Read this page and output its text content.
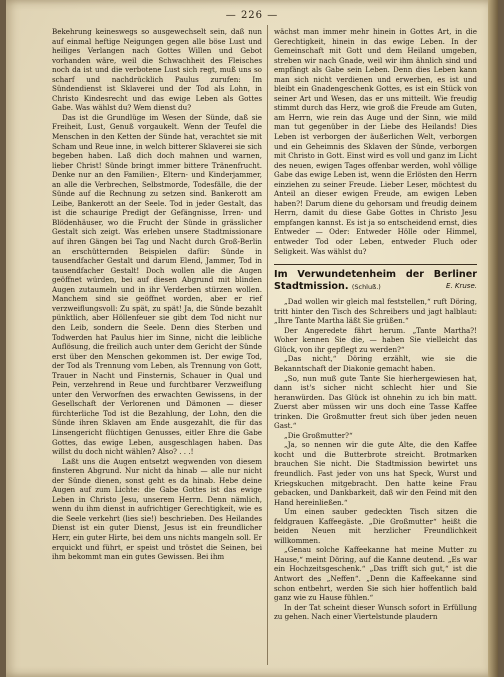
— 226 —

Bekehrung keineswegs so ausgewechselt sein, daß nun auf einmal heftige Neigungen gegen alle böse Lust und heiliges Verlangen nach Gottes Willen und Gebot vorhanden wäre, weil die Schwachheit des Fleisches noch da ist und die verbotene Lust sich regt, muß uns so scharf und nachdrücklich Paulus zurufen: Im Sündendienst ist Sklaverei und der Tod als Lohn, in Christo Kindesrecht und das ewige Leben als Gottes Gabe. Was wählst du? Wem dienst du?

Das ist die Grundlüge im Wesen der Sünde, daß sie Freiheit, Lust, Genuß vorgaukelt. Wenn der Teufel die Menschen in den Ketten der Sünde hat, verachtet sie mit Scham und Reue inne, in welch bitterer Sklaverei sie sich begeben haben. Laß dich doch mahnen und warnen, lieber Christ! Sünde bringt immer bittere Tränenfrucht. Denke nur an den Familien-, Eltern- und Kinderjammer, an alle die Verbrechen, Selbstmorde, Todesfälle, die der Sünde auf die Rechnung zu setzen sind. Bankerott am Leibe, Bankerott an der Seele. Tod in jeder Gestalt, das ist die schaurige Predigt der Gefängnisse, Irren- und Blödenhäuser, wo die Frucht der Sünde in grässlicher Gestalt sich zeigt. Was erleben unsere Stadtmissionare auf ihren Gängen bei Tag und Nacht durch Groß-Berlin an erschütternden Beispielen dafür: Sünde in tausendfacher Gestalt und darum Elend, Jammer, Tod in tausendfacher Gestalt! Doch wollen alle die Augen geöffnet würden, bei auf diesen Abgrund mit blinden Augen zutaumeln und in ihr Verderben stürzen wollen. Manchem sind sie geöffnet worden, aber er rief verzweiflungsvoll: Zu spät, zu spät! Ja, die Sünde bezahlt pünktlich, aber Höllenfeuer sie gibt dem Tod nicht nur den Leib, sondern die Seele. Denn dies Sterben und Todwerden hat Paulus hier im Sinne, nicht die leibliche Auflösung, die freilich auch unter dem Gericht der Sünde erst über den Menschen gekommen ist. Der ewige Tod, der Tod als Trennung vom Leben, als Trennung von Gott, Trauer in Nacht und Finsternis, Schauer in Qual und Pein, verzehrend in Reue und furchtbarer Verzweiflung unter den Verworfnen des erwachten Gewissens, in der Gesellschaft der Verlorenen und Dämonen — dieser fürchterliche Tod ist die Bezahlung, der Lohn, den die Sünde ihren Sklaven am Ende ausgezahlt, die für das Linsengericht flüchtigen Genusses, eitler Ehre die Gabe Gottes, das ewige Leben, ausgeschlagen haben. Das willst du doch nicht wählen? Also? . . .!

Laßt uns die Augen entsetzt wegwenden von diesem finsteren Abgrund. Nur nicht da hinab — alle nur nicht der Sünde dienen, sonst geht es da hinab. Hebe deine Augen auf zum Lichte: die Gabe Gottes ist das ewige Leben in Christo Jesu, unserem Herrn. Denn nämlich, wenn du ihm dienst in aufrichtiger Gerechtigkeit, wie es die Seele verkehrt (lies sie!) beschrieben. Des Heilandes Dienst ist ein guter Dienst, Jesus ist ein freundlicher Herr, ein guter Hirte, bei dem uns nichts mangeln soll. Er erquickt und führt, er speist und tröstet die Seinen, bei ihm bekommt man ein gutes Gewissen. Bei ihm

wächst man immer mehr hinein in Gottes Art, in die Gerechtigkeit, hinein in das ewige Leben. In der Gemeinschaft mit Gott und dem Heiland umgeben, streben wir nach Gnade, weil wir ihm ähnlich sind und empfängt als Gabe sein Leben. Denn dies Leben kann man sich nicht verdienen und erwerben, es ist und bleibt ein Gnadengeschenk Gottes, es ist ein Stück von seiner Art und Wesen, das er uns mitteilt. Wie freudig stimmt durch das Herz, wie groß die Freude am Guten, am Herrn, wie rein das Auge und der Sinn, wie mild man tut gegenüber in der Liebe des Heilands! Dies Leben ist verborgen der äußerlichen Welt, verborgen und ein Geheimnis des Sklaven der Sünde, verborgen mit Christo in Gott. Einst wird es voll und ganz im Licht des neuen, ewigen Tages offenbar werden, wohl völlige Gabe das ewige Leben ist, wenn die Erlösten den Herrn einziehen zu seiner Freude. Lieber Leser, möchtest du Anteil an dieser ewigen Freude, am ewigen Leben haben?! Darum diene du gehorsam und freudig deinem Herrn, damit du diese Gabe Gottes in Christo Jesu empfangen kannst. Es ist ja so entscheidend ernst, dies Entweder — Oder: Entweder Hölle oder Himmel, entweder Tod oder Leben, entweder Fluch oder Seligkeit. Was wählst du?

Im Verwundetenheim der Berliner Stadtmission. (Schluß.)	E. Kruse.

„Dad wollen wir gleich mal feststellen,“ ruft Döring, tritt hinter den Tisch des Schreibers und jagt halblaut: „Ihre Tante Martha läßt Sie grüßen.“

Der Angeredete fährt herum. „Tante Martha?! Woher kennen Sie die, — haben Sie vielleicht das Glück, von ihr gepflegt zu werden?“

„Das nicht,“ Döring erzählt, wie sie die Bekanntschaft der Diakonie gemacht haben.

„So, nun muß gute Tante Sie hierhergewiesen hat, dann ist's sicher nicht schlecht hier und Sie heranwürden. Das Glück ist ohnehin zu ich bin matt. Zuerst aber müssen wir uns doch eine Tasse Kaffee trinken. Die Großmutter freut sich über jeden neuen Gast.“

„Die Großmutter?“

„Ja, so nennen wir die gute Alte, die den Kaffee kocht und die Butterbrote streicht. Brotmarken brauchen Sie nicht. Die Stadtmission bewirtet uns freundlich. Fast jeder von uns hat Speck, Wurst und Kriegskuchen mitgebracht. Den hatte keine Frau gebacken, und Dankbarkeit, daß wir den Feind mit den Hand hereinließen.“

Um einen sauber gedeckten Tisch sitzen die feldgrauen Kaffeegäste. „Die Großmutter“ heißt die beiden Neuen mit herzlicher Freundlichkeit willkommen.

„Genau solche Kaffeekanne hat meine Mutter zu Hause,“ meint Döring, auf die Kanne deutend. „Es war ein Hochzeitsgeschenk.“ „Das trifft sich gut,“ ist die Antwort des „Neffen“. „Denn die Kaffeekanne sind schon entbehrt, werden Sie sich hier hoffentlich bald ganz wie zu Hause fühlen.“

In der Tat scheint dieser Wunsch sofort in Erfüllung zu gehen. Nach einer Viertelstunde plaudern
